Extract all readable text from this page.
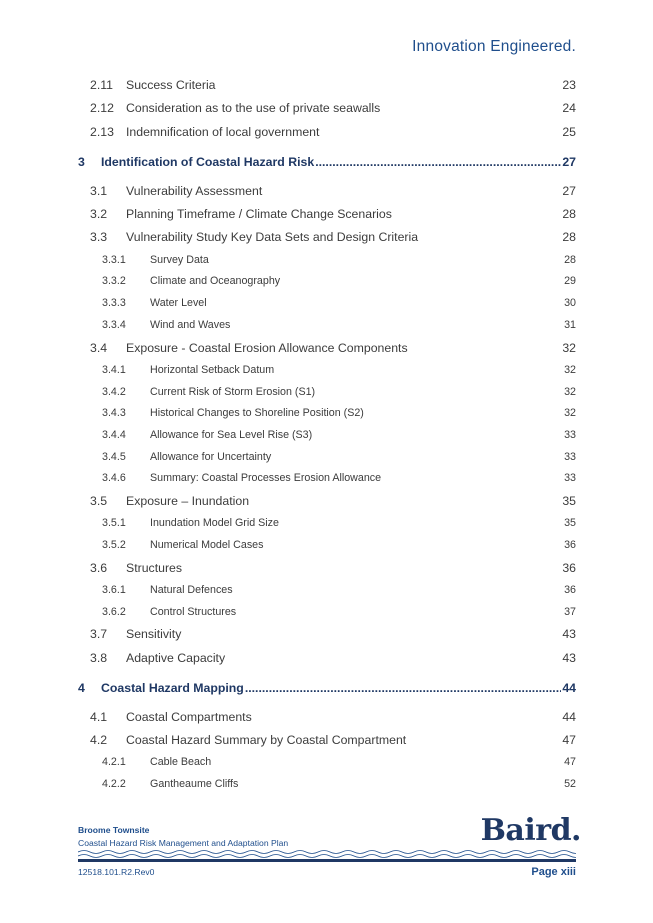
Innovation Engineered.
2.11	Success Criteria	23
2.12 Consideration as to the use of private seawalls	24
2.13 Indemnification of local government	25
3	Identification of Coastal Hazard Risk .....	27
3.1	Vulnerability Assessment	27
3.2	Planning Timeframe / Climate Change Scenarios	28
3.3	Vulnerability Study Key Data Sets and Design Criteria	28
3.3.1	Survey Data	28
3.3.2	Climate and Oceanography	29
3.3.3	Water Level	30
3.3.4	Wind and Waves	31
3.4	Exposure - Coastal Erosion Allowance Components	32
3.4.1	Horizontal Setback Datum	32
3.4.2	Current Risk of Storm Erosion (S1)	32
3.4.3	Historical Changes to Shoreline Position (S2)	32
3.4.4	Allowance for Sea Level Rise (S3)	33
3.4.5	Allowance for Uncertainty	33
3.4.6	Summary: Coastal Processes Erosion Allowance	33
3.5	Exposure – Inundation	35
3.5.1	Inundation Model Grid Size	35
3.5.2	Numerical Model Cases	36
3.6	Structures	36
3.6.1	Natural Defences	36
3.6.2	Control Structures	37
3.7	Sensitivity	43
3.8	Adaptive Capacity	43
4	Coastal Hazard Mapping .....	44
4.1	Coastal Compartments	44
4.2	Coastal Hazard Summary by Coastal Compartment	47
4.2.1	Cable Beach	47
4.2.2	Gantheaume Cliffs	52
Broome Townsite
Coastal Hazard Risk Management and Adaptation Plan	Baird.
12518.101.R2.Rev0	Page xiii
